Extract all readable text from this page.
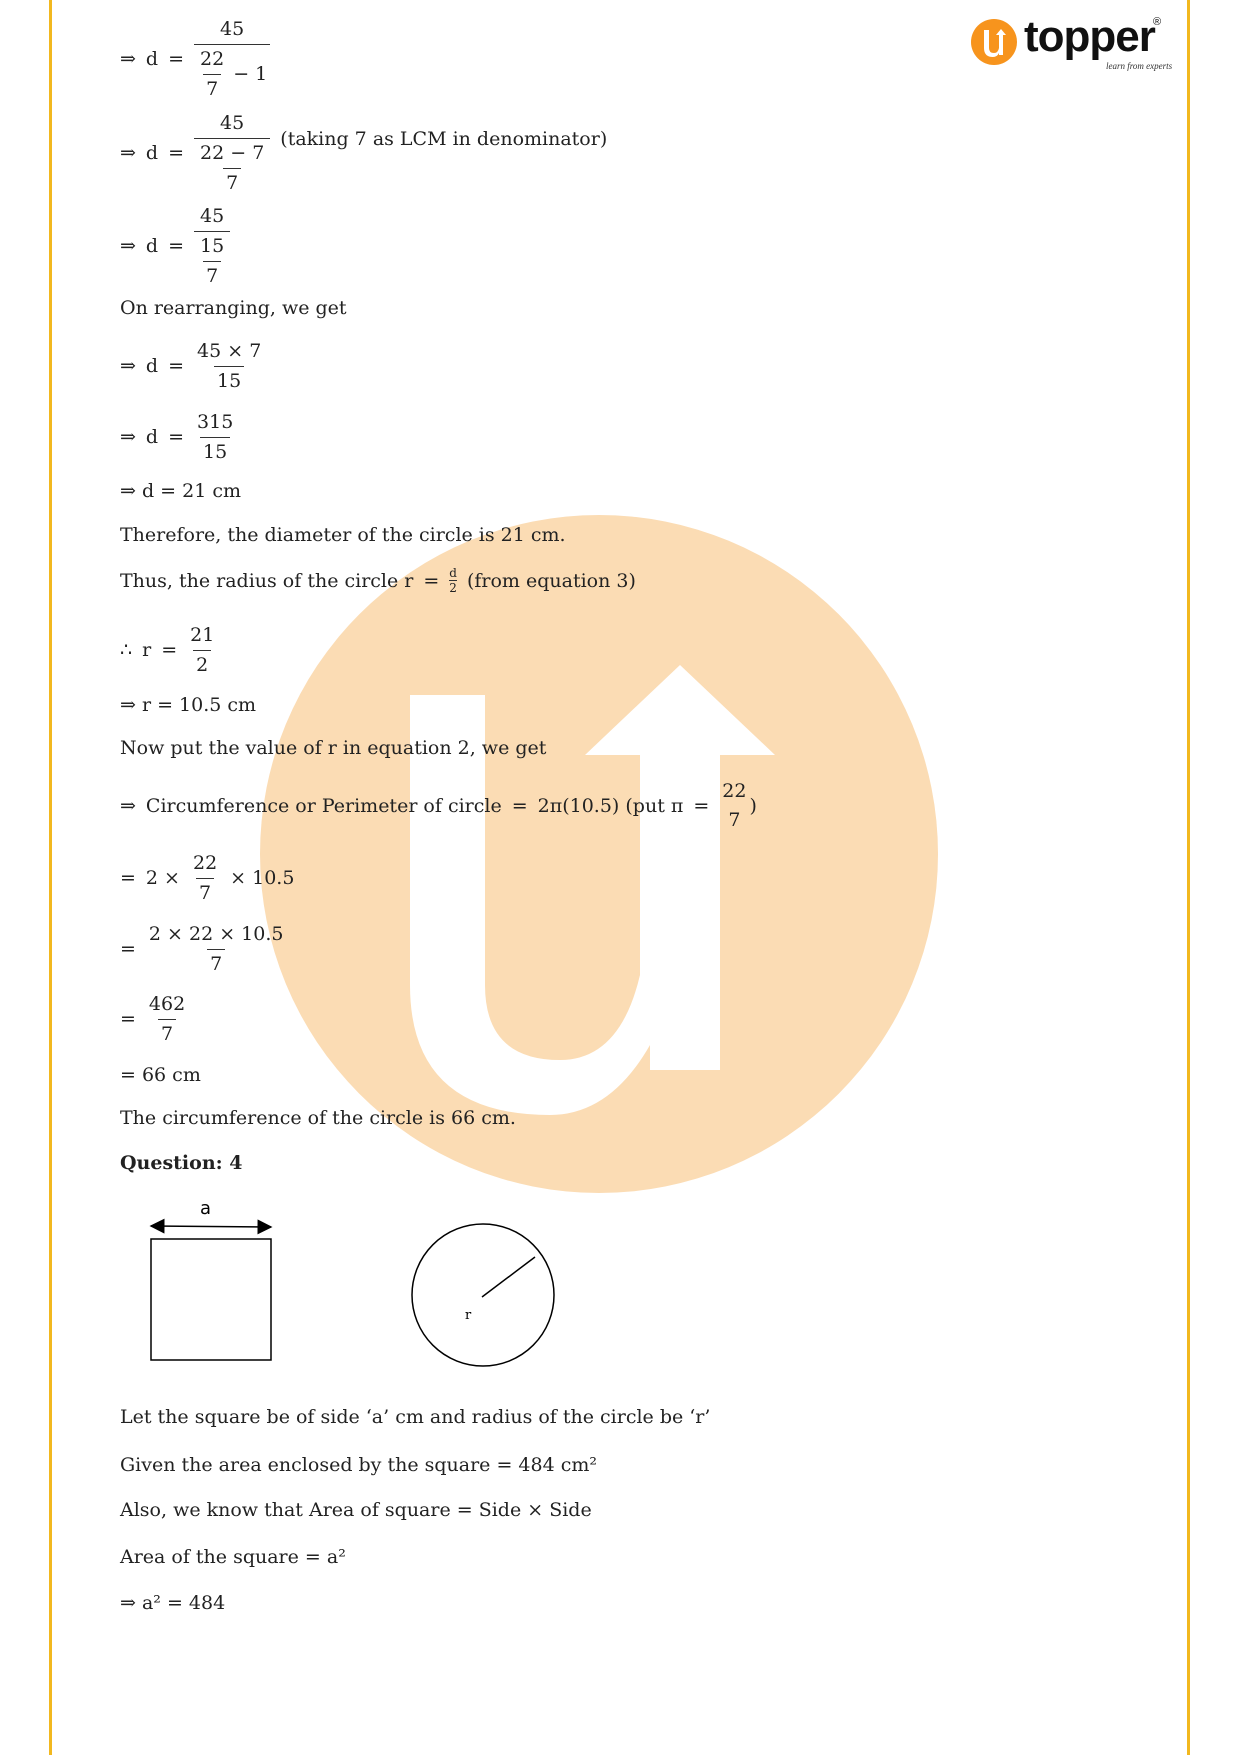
topper
®
learn from experts
⇒ $d = \frac{45}{\frac{22}{7} - 1}$
⇒ $d = \frac{45}{\frac{22 - 7}{7}}$ (taking 7 as LCM in denominator)
⇒ $d = \frac{45}{\frac{15}{7}}$
On rearranging, we get
⇒ $d = \frac{45 \times 7}{15}$
⇒ $d = \frac{315}{15}$
⇒ d = 21 cm
Therefore, the diameter of the circle is 21 cm.
Thus, the radius of the circle $r = \frac{d}{2}$ (from equation 3)
∴ $r = \frac{21}{2}$
⇒ r = 10.5 cm
Now put the value of r in equation 2, we get
⇒ Circumference or Perimeter of circle = 2π(10.5) (put π =
22
7
)
= $2 \times \frac{22}{7} \times 10.5$
= $\frac{2 \times 22 \times 10.5}{7}$
= $\frac{462}{7}$
= 66 cm
The circumference of the circle is 66 cm.
Question: 4
a
r
Let the square be of side ‘a’ cm and radius of the circle be ‘r’
Given the area enclosed by the square = 484 cm²
Also, we know that Area of square = Side × Side
Area of the square = a²
⇒ a² = 484
